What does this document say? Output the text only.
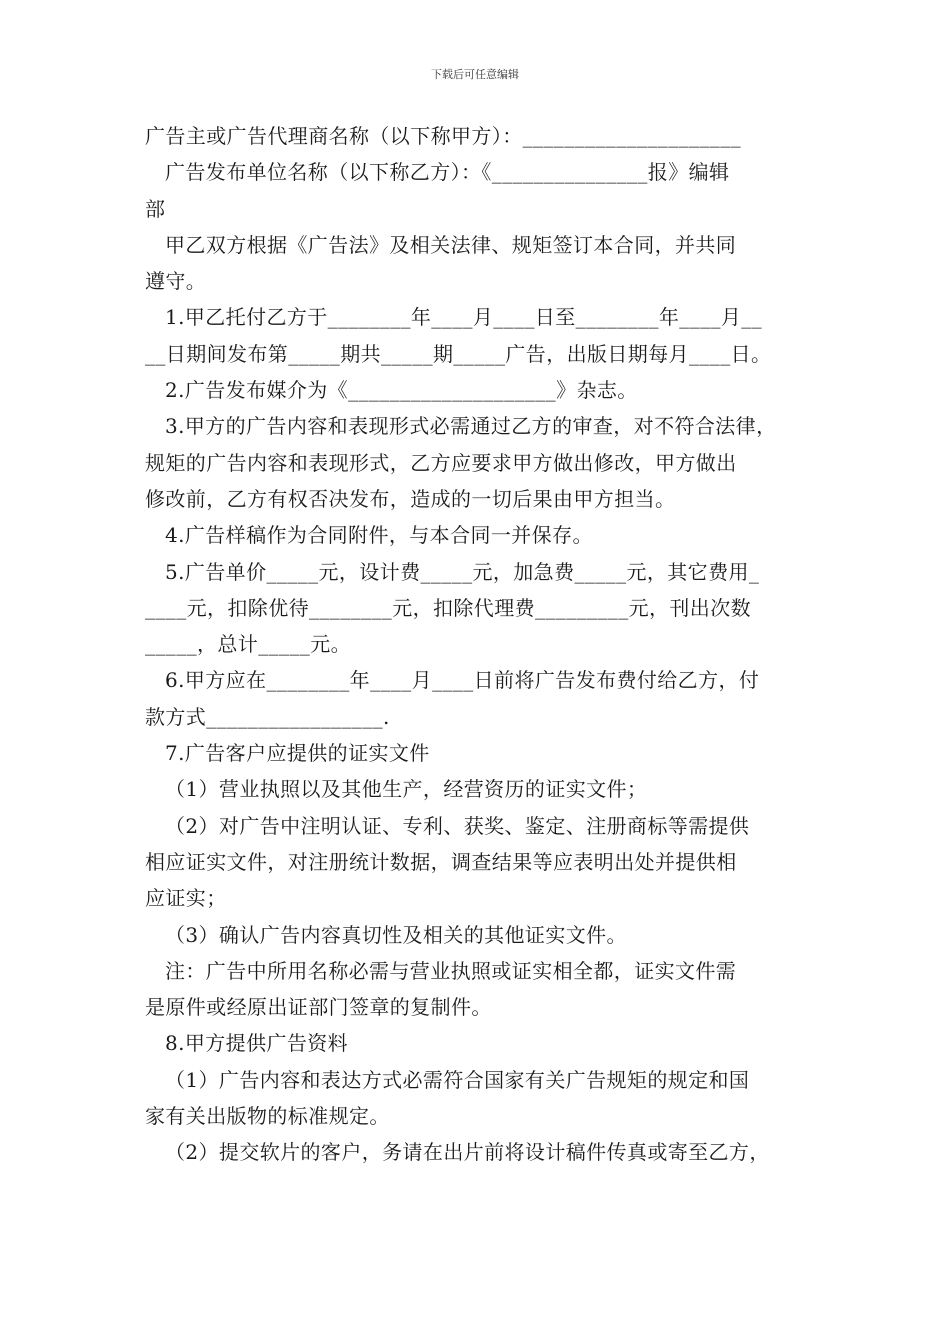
下载后可任意编辑
广告主或广告代理商名称（以下称甲方）：_____________________
广告发布单位名称（以下称乙方）：《_______________报》编辑
部
甲乙双方根据《广告法》及相关法律、规矩签订本合同，并共同
遵守。
1.甲乙托付乙方于________年____月____日至________年____月__
__日期间发布第_____期共_____期_____广告，出版日期每月____日。
2.广告发布媒介为《____________________》杂志。
3.甲方的广告内容和表现形式必需通过乙方的审查，对不符合法律，
规矩的广告内容和表现形式，乙方应要求甲方做出修改，甲方做出
修改前，乙方有权否决发布，造成的一切后果由甲方担当。
4.广告样稿作为合同附件，与本合同一并保存。
5.广告单价_____元，设计费_____元，加急费_____元，其它费用_
____元，扣除优待________元，扣除代理费_________元，刊出次数
_____，总计_____元。
6.甲方应在________年____月____日前将广告发布费付给乙方，付
款方式_________________.
7.广告客户应提供的证实文件
（1）营业执照以及其他生产，经营资历的证实文件；
（2）对广告中注明认证、专利、获奖、鉴定、注册商标等需提供
相应证实文件，对注册统计数据，调查结果等应表明出处并提供相
应证实；
（3）确认广告内容真切性及相关的其他证实文件。
注：广告中所用名称必需与营业执照或证实相全都，证实文件需
是原件或经原出证部门签章的复制件。
8.甲方提供广告资料
（1）广告内容和表达方式必需符合国家有关广告规矩的规定和国
家有关出版物的标准规定。
（2）提交软片的客户，务请在出片前将设计稿件传真或寄至乙方，
